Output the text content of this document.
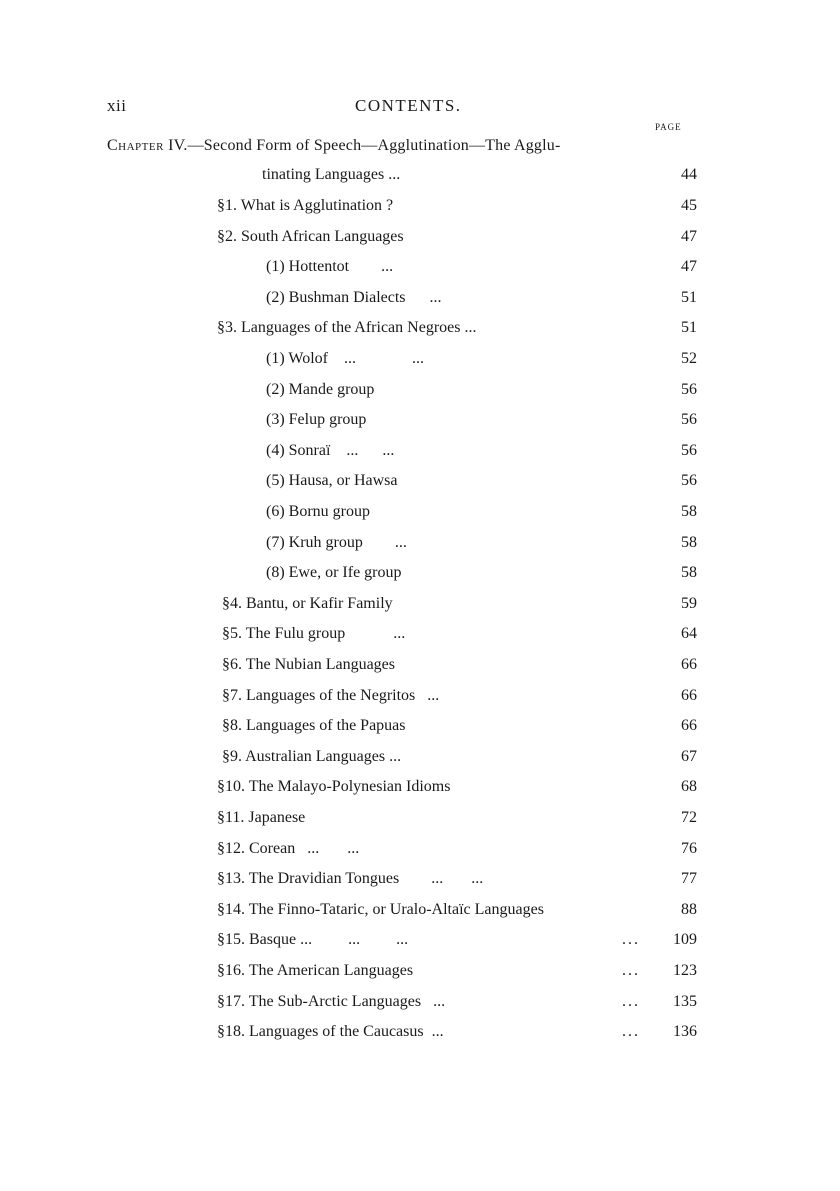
xii	CONTENTS.
PAGE
Chapter IV.—Second Form of Speech—Agglutination—The Agglu-
tinating Languages ...	44
§1. What is Agglutination ?	45
§2. South African Languages	47
(1) Hottentot        ...	47
(2) Bushman Dialects      ...	51
§3. Languages of the African Negroes ...	51
(1) Wolof    ...              ...	52
(2) Mande group	56
(3) Felup group	56
(4) Sonraï    ...      ...	56
(5) Hausa, or Hawsa	56
(6) Bornu group	58
(7) Kruh group        ...	58
(8) Ewe, or Ife group	58
§4. Bantu, or Kafir Family	59
§5. The Fulu group            ...	64
§6. The Nubian Languages	66
§7. Languages of the Negritos   ...	66
§8. Languages of the Papuas	66
§9. Australian Languages ...	67
§10. The Malayo-Polynesian Idioms	68
§11. Japanese	72
§12. Corean   ...       ...	76
§13. The Dravidian Tongues        ...       ...	77
§14. The Finno-Tataric, or Uralo-Altaïc Languages	88
§15. Basque ...         ...         ...	...	109
§16. The American Languages	...	123
§17. The Sub-Arctic Languages   ...	...	135
§18. Languages of the Caucasus  ...	...	136
